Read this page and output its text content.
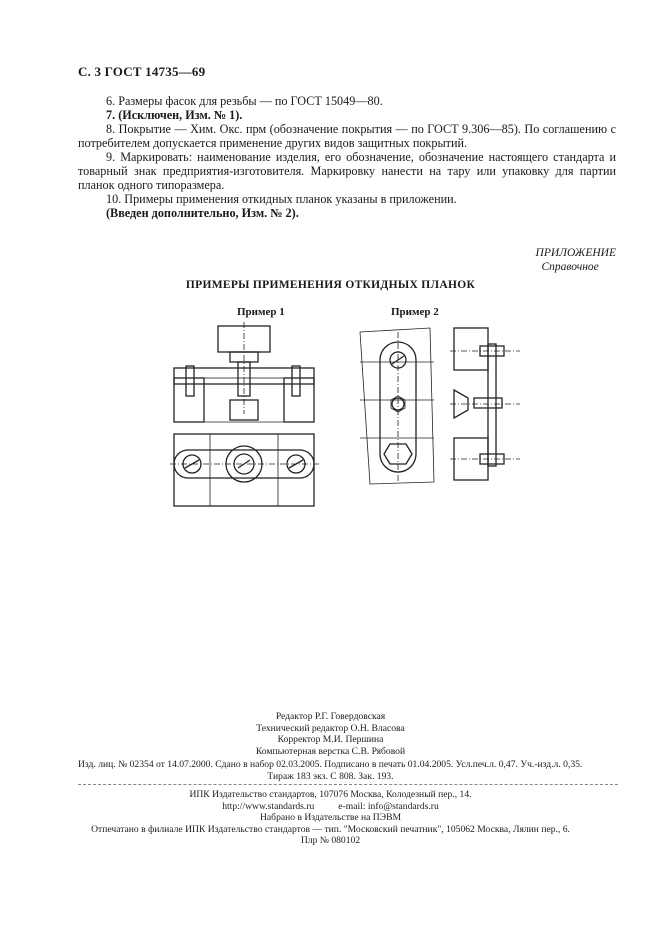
С. 3 ГОСТ 14735—69
6. Размеры фасок для резьбы — по ГОСТ 15049—80.
7. (Исключен, Изм. № 1).
8. Покрытие — Хим. Окс. прм (обозначение покрытия — по ГОСТ 9.306—85). По соглашению с потребителем допускается применение других видов защитных покрытий.
9. Маркировать: наименование изделия, его обозначение, обозначение настоящего стандарта и товарный знак предприятия-изготовителя. Маркировку нанести на тару или упаковку для партии планок одного типоразмера.
10. Примеры применения откидных планок указаны в приложении.
(Введен дополнительно, Изм. № 2).
ПРИЛОЖЕНИЕ
Справочное
ПРИМЕРЫ ПРИМЕНЕНИЯ ОТКИДНЫХ ПЛАНОК
Пример 1	Пример 2
Редактор Р.Г. Говердовская
Технический редактор О.Н. Власова
Корректор М.И. Першина
Компьютерная верстка С.В. Рябовой
Изд. лиц. № 02354 от 14.07.2000. Сдано в набор 02.03.2005. Подписано в печать 01.04.2005. Усл.печ.л. 0,47. Уч.-изд.л. 0,35.
Тираж 183 экз. С 808. Зак. 193.
ИПК Издательство стандартов, 107076 Москва, Колодезный пер., 14.
http://www.standards.ru          e-mail: info@standards.ru
Набрано в Издательстве на ПЭВМ
Отпечатано в филиале ИПК Издательство стандартов — тип. "Московский печатник", 105062 Москва, Лялин пер., 6.
Плр № 080102
